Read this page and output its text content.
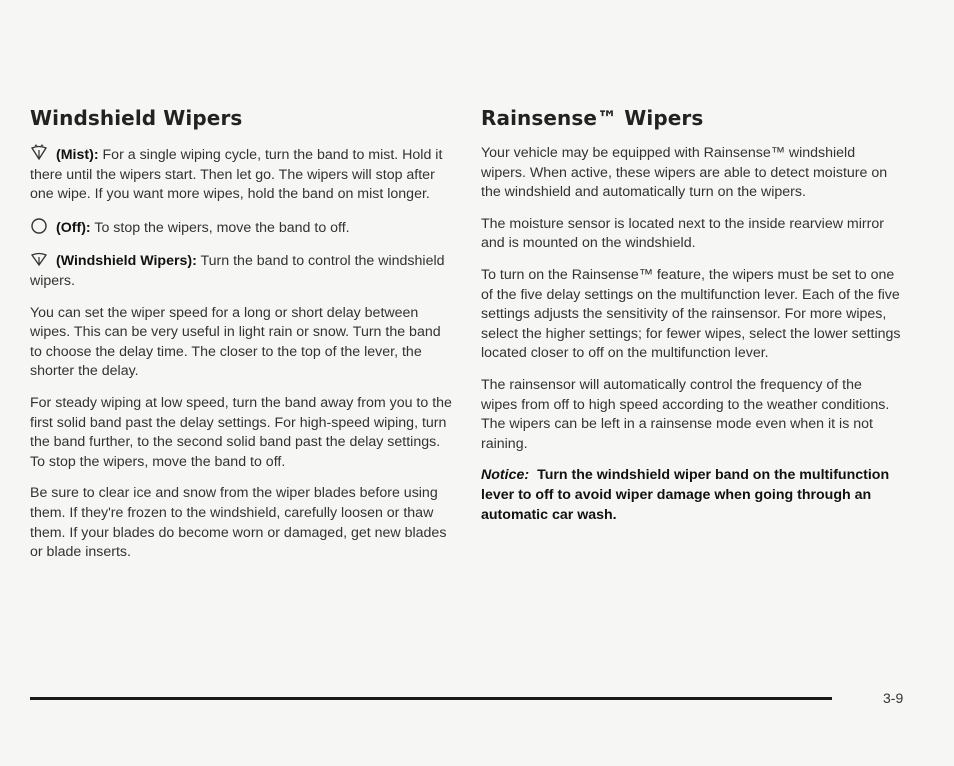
Windshield Wipers

(Mist): For a single wiping cycle, turn the band to mist. Hold it there until the wipers start. Then let go. The wipers will stop after one wipe. If you want more wipes, hold the band on mist longer.

(Off): To stop the wipers, move the band to off.

(Windshield Wipers): Turn the band to control the windshield wipers.

You can set the wiper speed for a long or short delay between wipes. This can be very useful in light rain or snow. Turn the band to choose the delay time. The closer to the top of the lever, the shorter the delay.

For steady wiping at low speed, turn the band away from you to the first solid band past the delay settings. For high-speed wiping, turn the band further, to the second solid band past the delay settings. To stop the wipers, move the band to off.

Be sure to clear ice and snow from the wiper blades before using them. If they're frozen to the windshield, carefully loosen or thaw them. If your blades do become worn or damaged, get new blades or blade inserts.

Rainsense™ Wipers

Your vehicle may be equipped with Rainsense™ windshield wipers. When active, these wipers are able to detect moisture on the windshield and automatically turn on the wipers.

The moisture sensor is located next to the inside rearview mirror and is mounted on the windshield.

To turn on the Rainsense™ feature, the wipers must be set to one of the five delay settings on the multifunction lever. Each of the five settings adjusts the sensitivity of the rainsensor. For more wipes, select the higher settings; for fewer wipes, select the lower settings located closer to off on the multifunction lever.

The rainsensor will automatically control the frequency of the wipes from off to high speed according to the weather conditions. The wipers can be left in a rainsense mode even when it is not raining.

Notice: Turn the windshield wiper band on the multifunction lever to off to avoid wiper damage when going through an automatic car wash.

3-9
